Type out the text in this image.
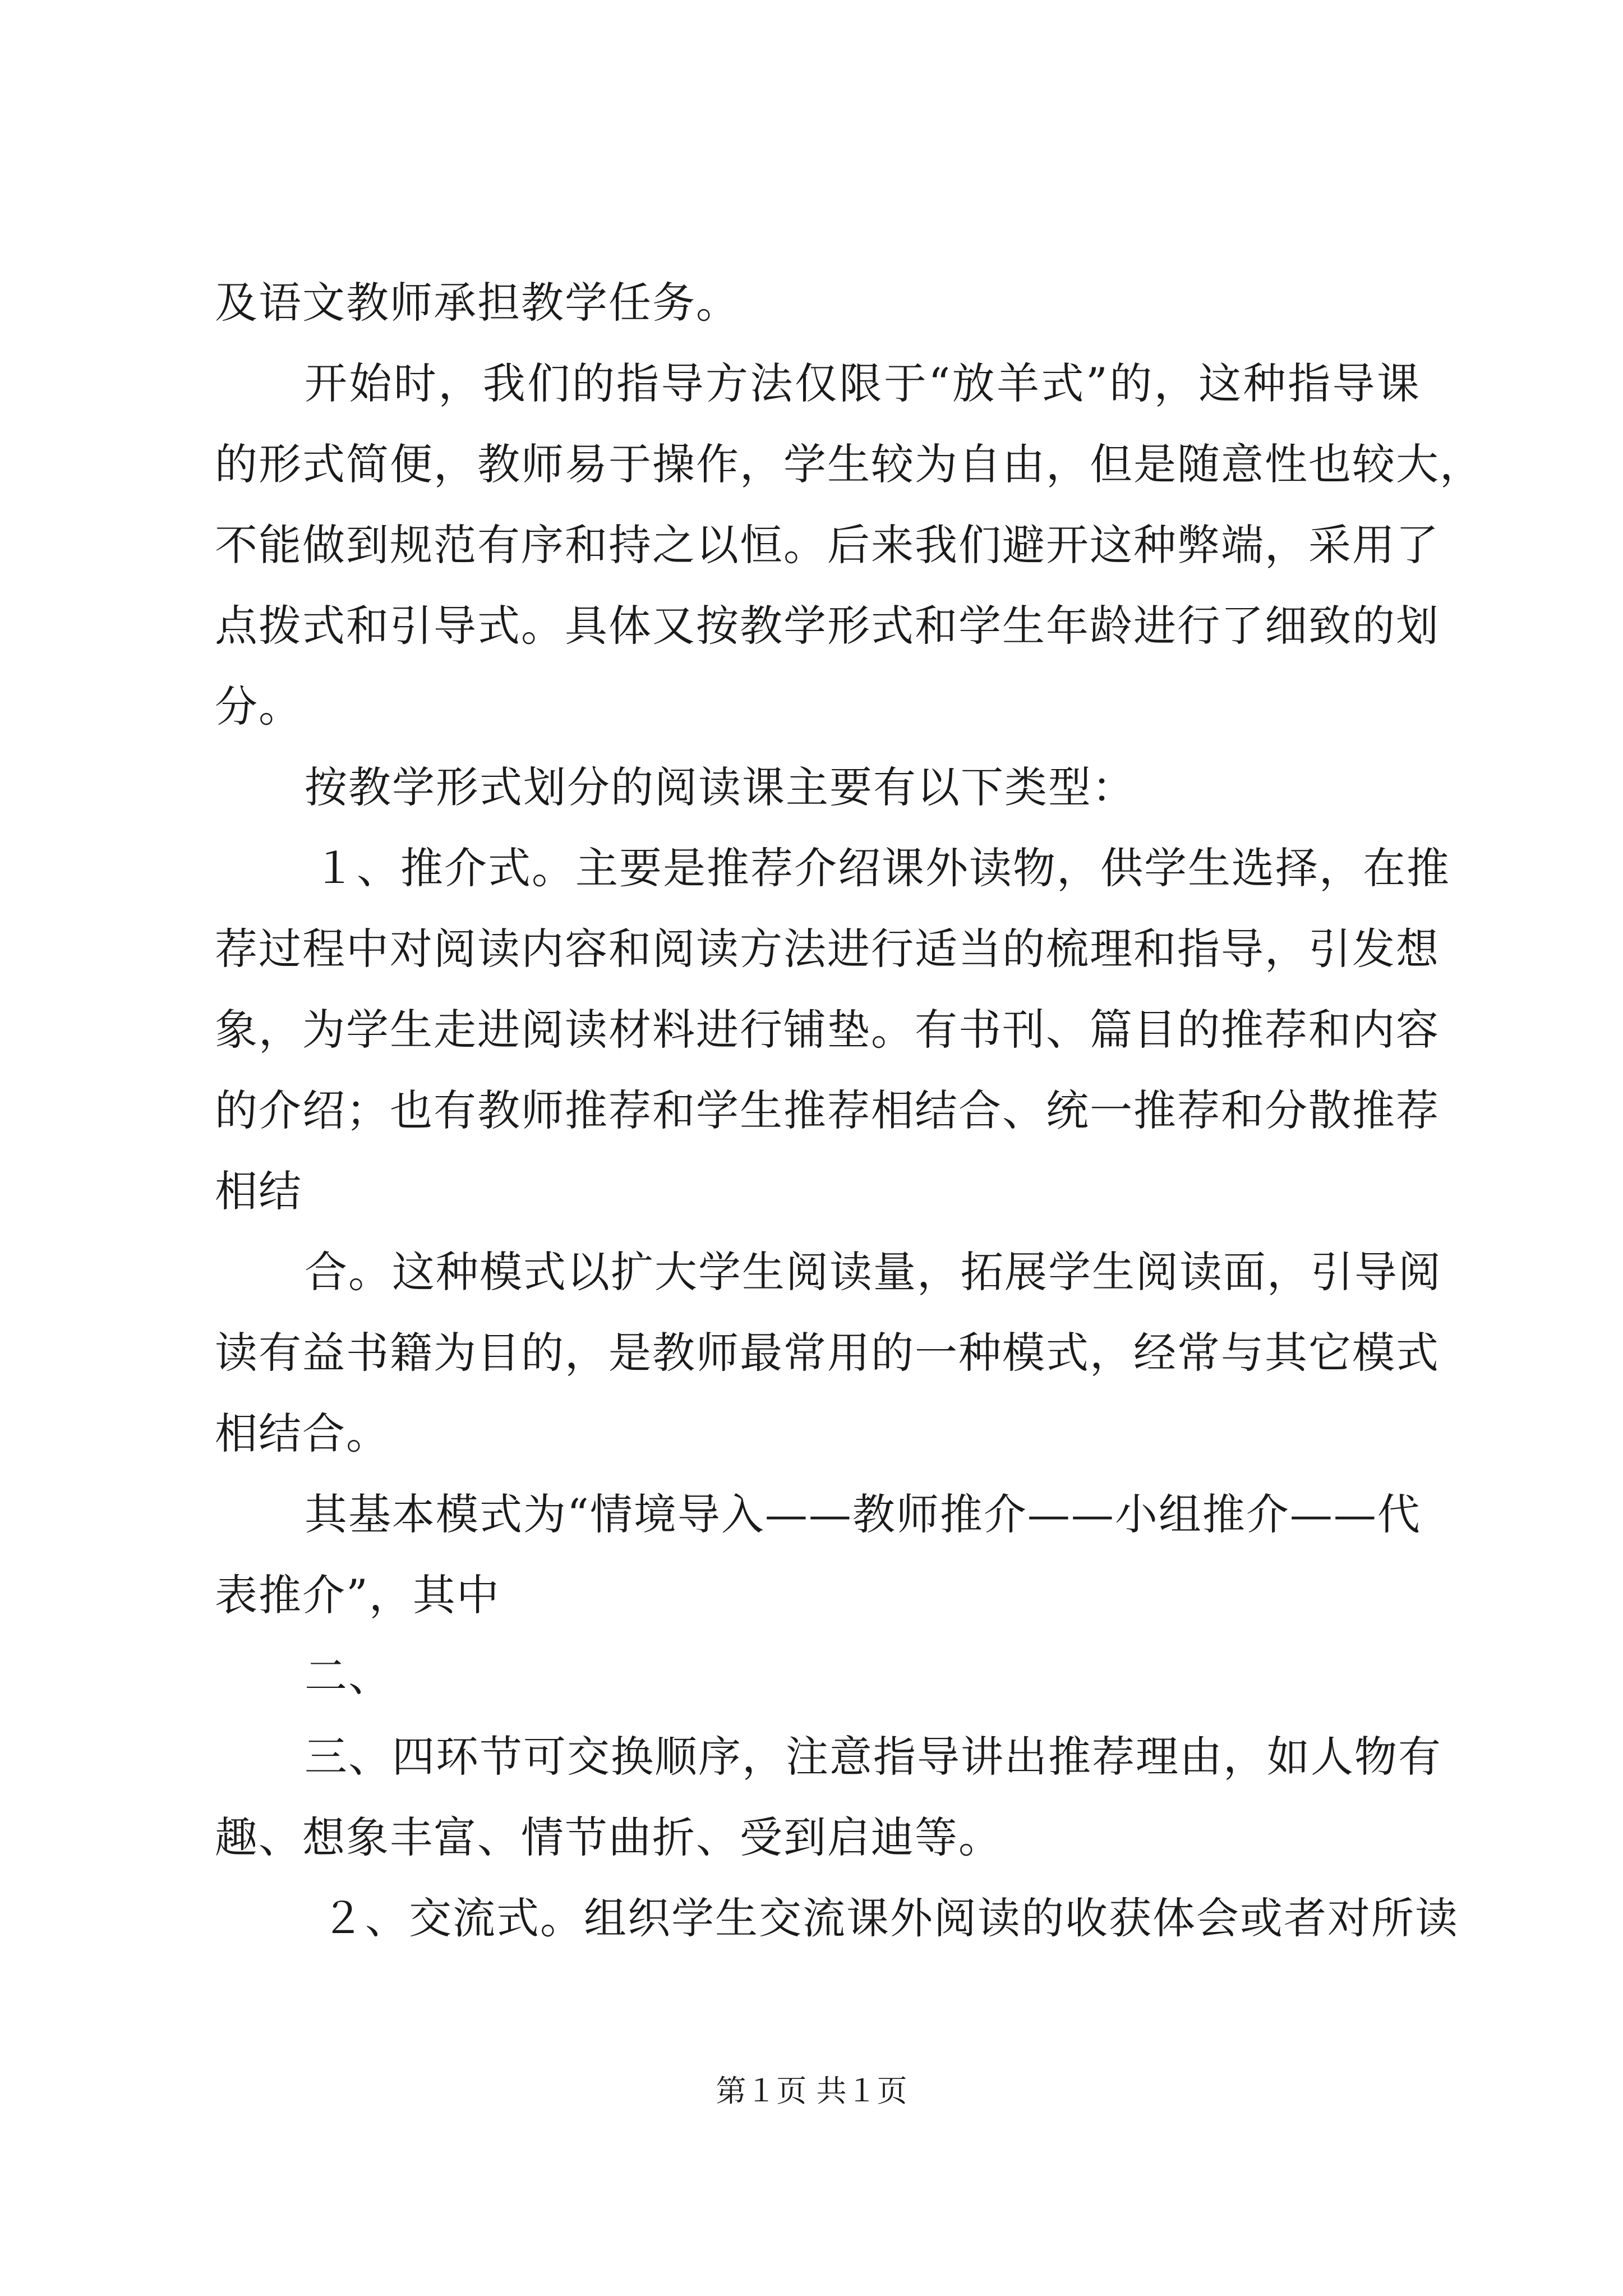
及语文教师承担教学任务。
开始时，我们的指导方法仅限于“放羊式”的，这种指导课
的形式简便，教师易于操作，学生较为自由，但是随意性也较大，
不能做到规范有序和持之以恒。后来我们避开这种弊端，采用了
点拨式和引导式。具体又按教学形式和学生年龄进行了细致的划
分。
按教学形式划分的阅读课主要有以下类型：
１、推介式。主要是推荐介绍课外读物，供学生选择，在推
荐过程中对阅读内容和阅读方法进行适当的梳理和指导，引发想
象，为学生走进阅读材料进行铺垫。有书刊、篇目的推荐和内容
的介绍；也有教师推荐和学生推荐相结合、统一推荐和分散推荐
相结
合。这种模式以扩大学生阅读量，拓展学生阅读面，引导阅
读有益书籍为目的，是教师最常用的一种模式，经常与其它模式
相结合。
其基本模式为“情境导入——教师推介——小组推介——代
表推介”，其中
二、
三、四环节可交换顺序，注意指导讲出推荐理由，如人物有
趣、想象丰富、情节曲折、受到启迪等。
２、交流式。组织学生交流课外阅读的收获体会或者对所读
第１页 共１页
